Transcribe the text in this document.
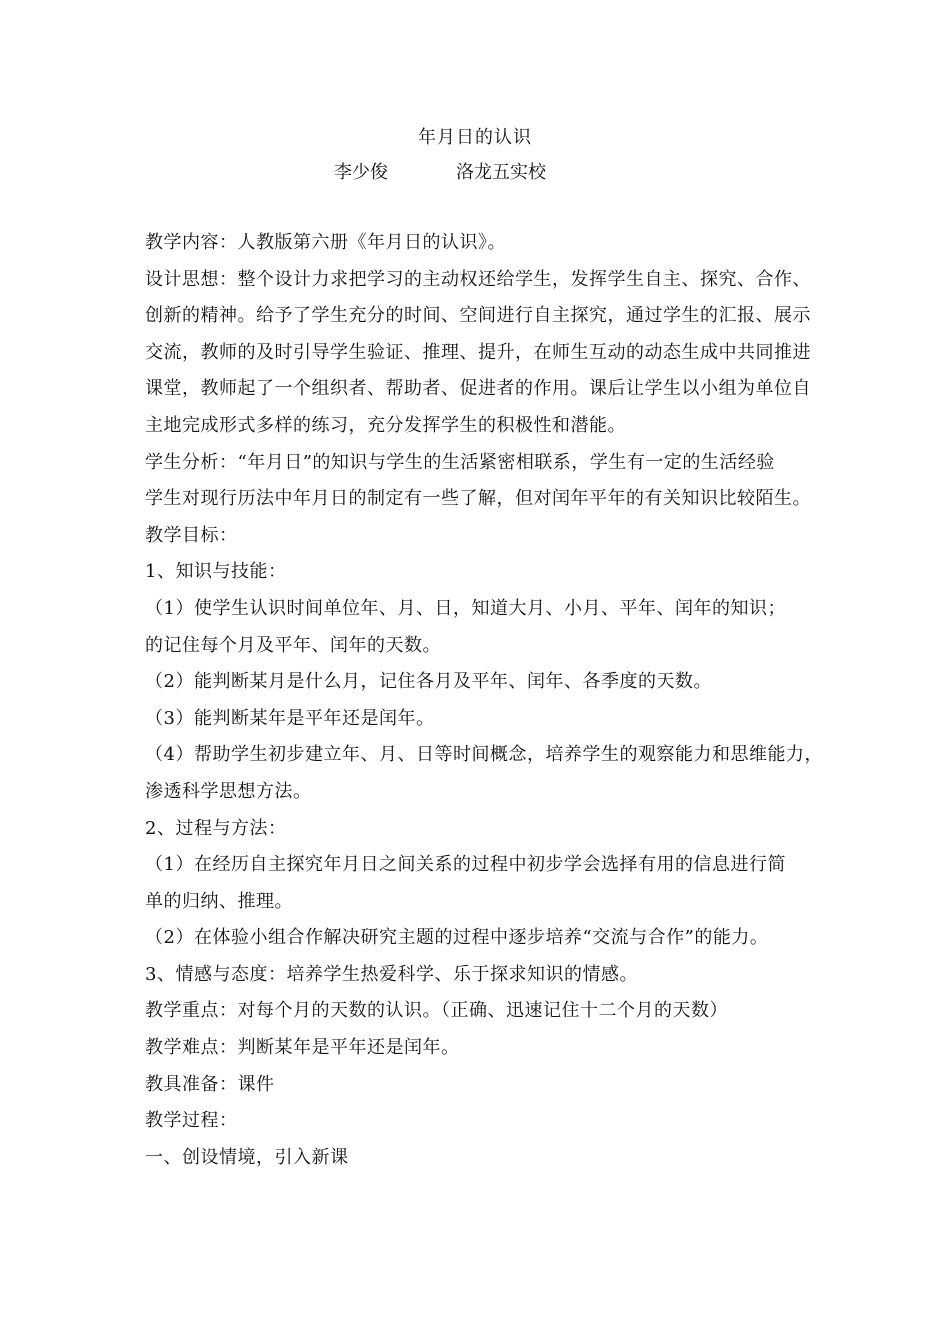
年月日的认识
李少俊	洛龙五实校
教学内容：人教版第六册《年月日的认识》。
设计思想：整个设计力求把学习的主动权还给学生，发挥学生自主、探究、合作、
创新的精神。给予了学生充分的时间、空间进行自主探究，通过学生的汇报、展示
交流，教师的及时引导学生验证、推理、提升，在师生互动的动态生成中共同推进
课堂，教师起了一个组织者、帮助者、促进者的作用。课后让学生以小组为单位自
主地完成形式多样的练习，充分发挥学生的积极性和潜能。
学生分析：“年月日”的知识与学生的生活紧密相联系，学生有一定的生活经验
学生对现行历法中年月日的制定有一些了解，但对闰年平年的有关知识比较陌生。
教学目标：
1、知识与技能：
（1）使学生认识时间单位年、月、日，知道大月、小月、平年、闰年的知识；
的记住每个月及平年、闰年的天数。
（2）能判断某月是什么月，记住各月及平年、闰年、各季度的天数。
（3）能判断某年是平年还是闰年。
（4）帮助学生初步建立年、月、日等时间概念，培养学生的观察能力和思维能力，
渗透科学思想方法。
2、过程与方法：
（1）在经历自主探究年月日之间关系的过程中初步学会选择有用的信息进行简
单的归纳、推理。
（2）在体验小组合作解决研究主题的过程中逐步培养“交流与合作”的能力。
3、情感与态度：培养学生热爱科学、乐于探求知识的情感。
教学重点：对每个月的天数的认识。（正确、迅速记住十二个月的天数）
教学难点：判断某年是平年还是闰年。
教具准备：课件
教学过程：
一、创设情境，引入新课
